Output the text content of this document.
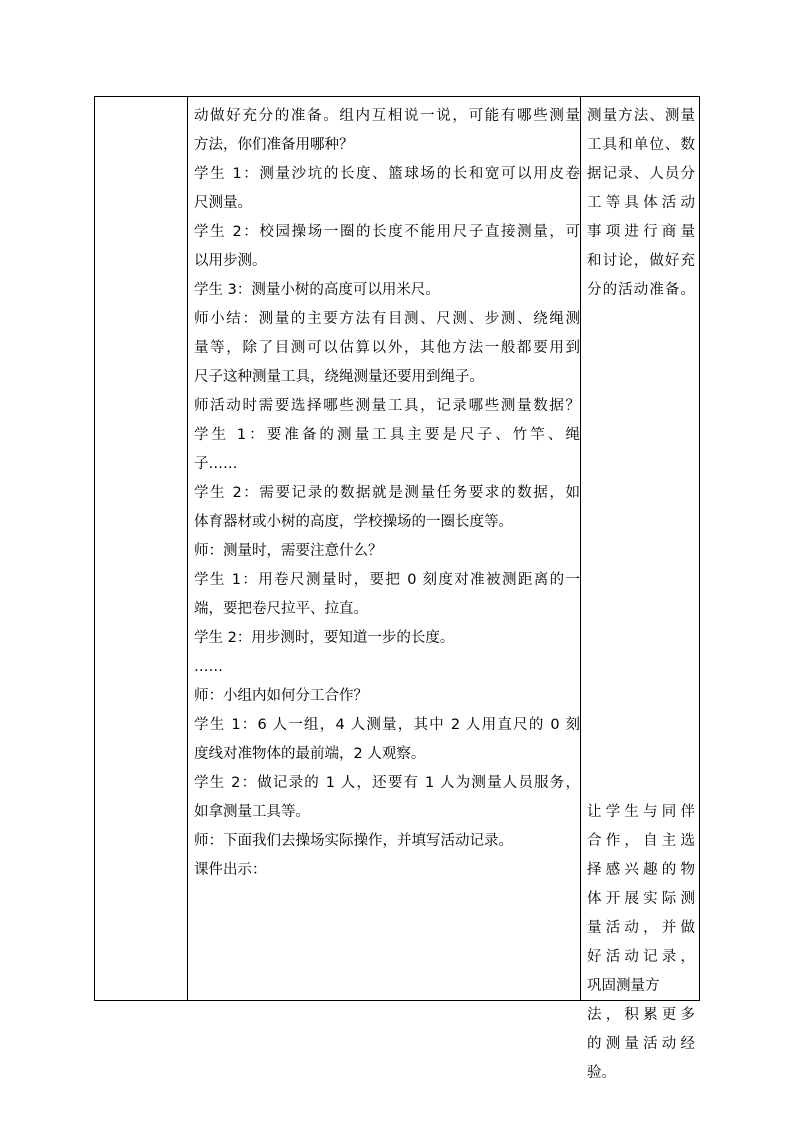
动做好充分的准备。组内互相说一说，可能有哪些测量
方法，你们准备用哪种？
学生 1：测量沙坑的长度、篮球场的长和宽可以用皮卷
尺测量。
学生 2：校园操场一圈的长度不能用尺子直接测量，可
以用步测。
学生 3：测量小树的高度可以用米尺。
师小结：测量的主要方法有目测、尺测、步测、绕绳测
量等，除了目测可以估算以外，其他方法一般都要用到
尺子这种测量工具，绕绳测量还要用到绳子。
师活动时需要选择哪些测量工具，记录哪些测量数据？
学生 1：要准备的测量工具主要是尺子、竹竿、绳
子……
学生 2：需要记录的数据就是测量任务要求的数据，如
体育器材或小树的高度，学校操场的一圈长度等。
师：测量时，需要注意什么？
学生 1：用卷尺测量时，要把 0 刻度对准被测距离的一
端，要把卷尺拉平、拉直。
学生 2：用步测时，要知道一步的长度。
……
师：小组内如何分工合作？
学生 1：6 人一组，4 人测量，其中 2 人用直尺的 0 刻
度线对准物体的最前端，2 人观察。
学生 2：做记录的 1 人，还要有 1 人为测量人员服务，
如拿测量工具等。
师：下面我们去操场实际操作，并填写活动记录。
课件出示：
测量方法、测量
工具和单位、数
据记录、人员分
工等具体活动
事项进行商量
和讨论，做好充
分的活动准备。
让学生与同伴
合作，自主选
择感兴趣的物
体开展实际测
量活动，并做
好活动记录，
巩固测量方
法，积累更多
的测量活动经
验。
